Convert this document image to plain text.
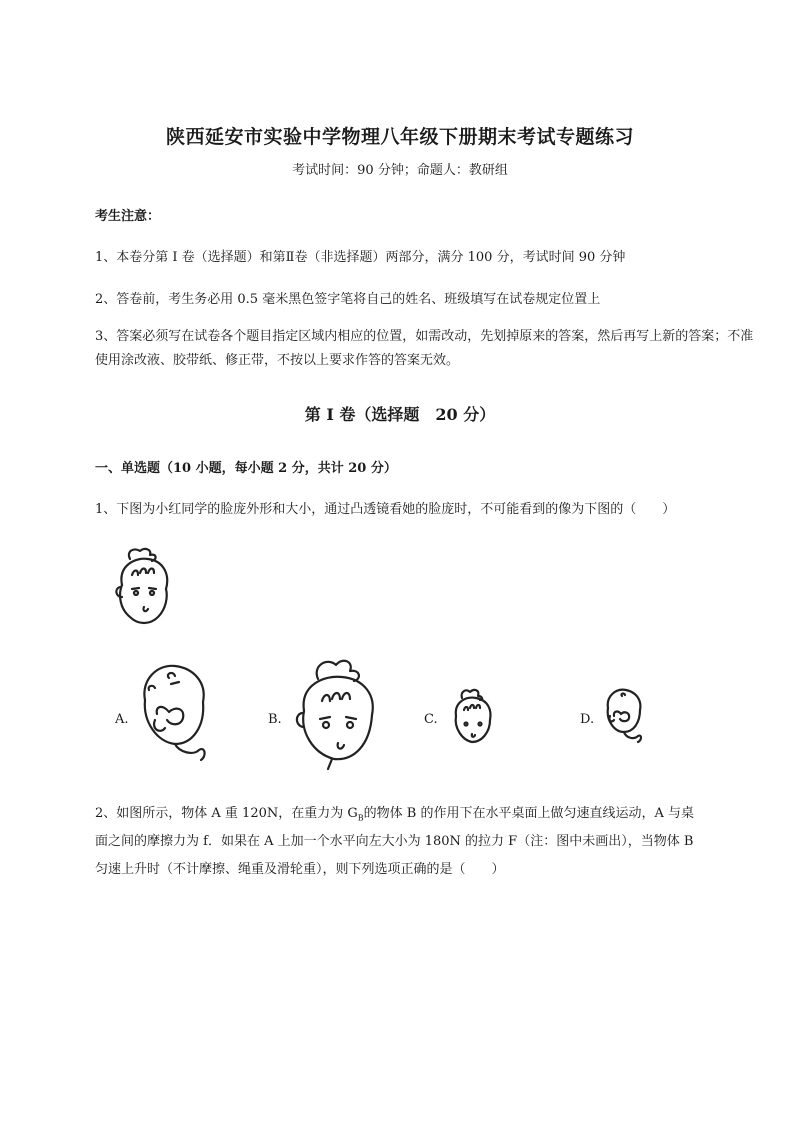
陕西延安市实验中学物理八年级下册期末考试专题练习
考试时间：90 分钟；命题人：教研组
考生注意：
1、本卷分第 I 卷（选择题）和第Ⅱ卷（非选择题）两部分，满分 100 分，考试时间 90 分钟
2、答卷前，考生务必用 0.5 毫米黑色签字笔将自己的姓名、班级填写在试卷规定位置上
3、答案必须写在试卷各个题目指定区域内相应的位置，如需改动，先划掉原来的答案，然后再写上新的答案；不准使用涂改液、胶带纸、修正带，不按以上要求作答的答案无效。
第 I 卷（选择题　20 分）
一、单选题（10 小题，每小题 2 分，共计 20 分）
1、下图为小红同学的脸庞外形和大小，通过凸透镜看她的脸庞时，不可能看到的像为下图的（　　）
A.	B.	C.	D.
2、如图所示，物体 A 重 120N，在重力为 $G_B$的物体 B 的作用下在水平桌面上做匀速直线运动，A 与桌
面之间的摩擦力为 f．如果在 A 上加一个水平向左大小为 180N 的拉力 F（注：图中未画出），当物体 B
匀速上升时（不计摩擦、绳重及滑轮重），则下列选项正确的是（　　）
